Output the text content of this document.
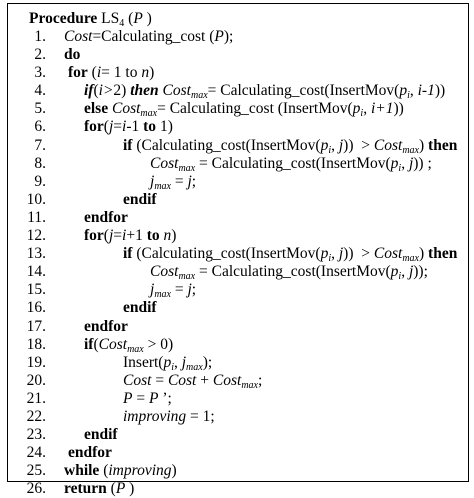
Procedure $LS_4$ (P )
1. Cost=Calculating_cost (P);
2. do
3. for (i= 1 to n)
4. if(i>2) then Cost$_{max}$= $Calculating\_\cos t(InsertMov(p_i$, i-1))
5. else Cost$_{max}$= Calculating_cost ($InsertMov(p_i$, i+1))
6. for(j=i-1 to 1)
7.	if ($Calculating\_\cos t(InsertMov(p_i$, j))  > Cost$_{max}$) then
8.	Cost$_{max}$ = $Calculating\_\cos t(InsertMov(p_i$, j)) ;
9.	$j_{max} = j$;
10.	endif
11. endfor
12. for(j=i+1 to n)
13.	if ($Calculating\_\cos t(InsertMov(p_i$, j))  > Cost$_{max}$) then
14.	Cost$_{max}$ = $Calculating\_\cos t(InsertMov(p_i$, j));
15.	$j_{max} = j$;
16.	endif
17. endfor
18. if(Cost$_{max}$ > 0)
19.	$Insert(p_i$, $j_{max}$);
20.	Cost = Cost + Cost$_{max}$;
21.	P = P ’;
22.	improving = 1;
23. endif
24. endfor
25. while (improving)
26. return (P )
